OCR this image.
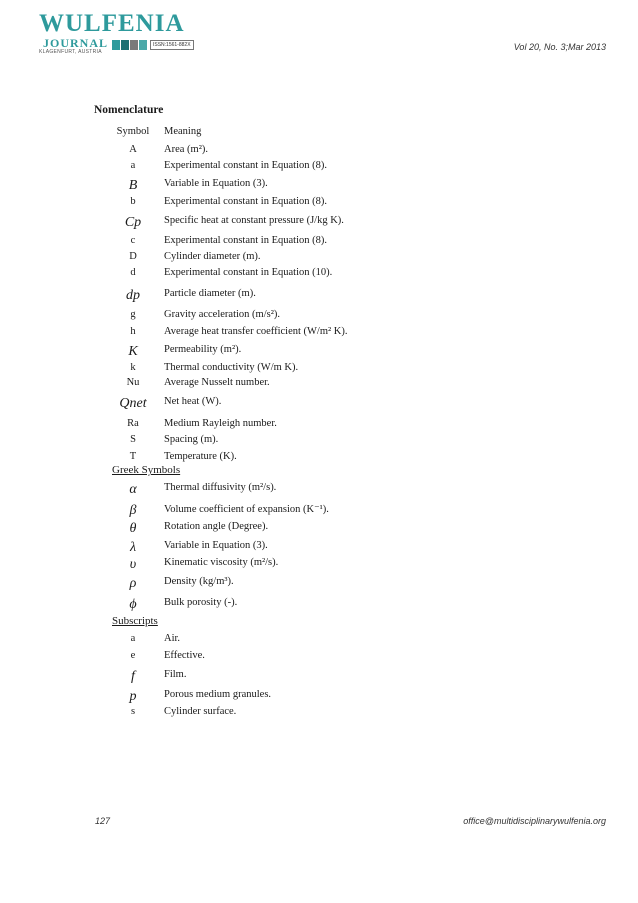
WULFENIA
JOURNAL
KLAGENFURT, AUSTRIA
ISSN:1561-882X	Vol 20, No. 3;Mar 2013
Nomenclature
Symbol	Meaning
A	Area (m²).
a	Experimental constant in Equation (8).
B	Variable in Equation (3).
b	Experimental constant in Equation (8).
Cp	Specific heat at constant pressure (J/kg K).
c	Experimental constant in Equation (8).
D	Cylinder diameter (m).
d	Experimental constant in Equation (10).
dp	Particle diameter (m).
g	Gravity acceleration (m/s²).
h	Average heat transfer coefficient (W/m² K).
K	Permeability (m²).
k	Thermal conductivity (W/m K).
Nu	Average Nusselt number.
Qnet	Net heat (W).
Ra	Medium Rayleigh number.
S	Spacing (m).
T	Temperature (K).
Greek Symbols
α	Thermal diffusivity (m²/s).
β	Volume coefficient of expansion (K⁻¹).
θ	Rotation angle (Degree).
λ	Variable in Equation (3).
υ	Kinematic viscosity (m²/s).
ρ	Density (kg/m³).
ϕ	Bulk porosity (-).
Subscripts
a	Air.
e	Effective.
f	Film.
p	Porous medium granules.
s	Cylinder surface.
127	office@multidisciplinarywulfenia.org
